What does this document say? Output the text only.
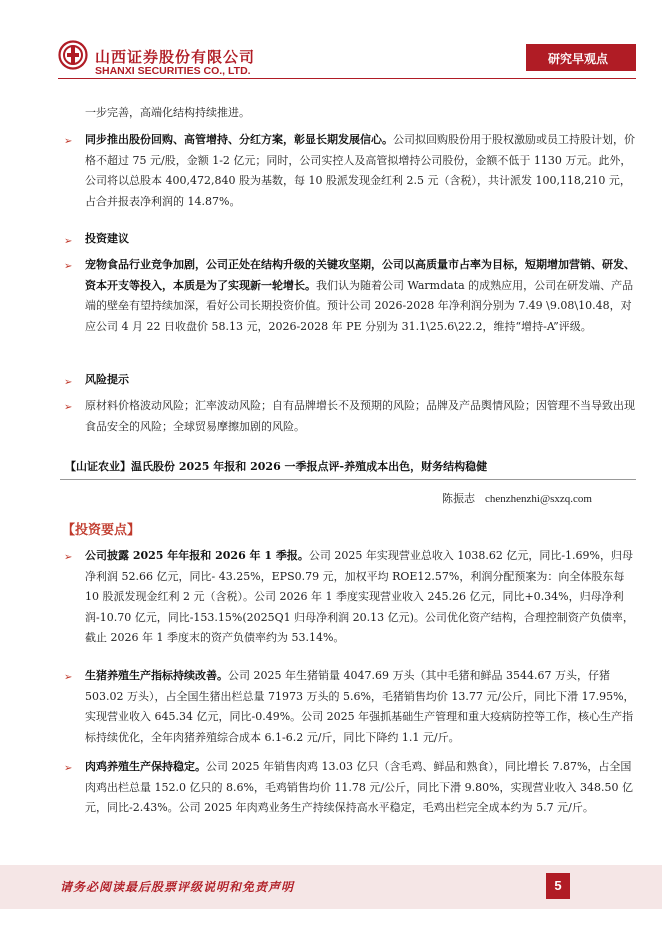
山西证券股份有限公司
SHANXI SECURITIES CO., LTD.
研究早观点
一步完善，高端化结构持续推进。
➢ 同步推出股份回购、高管增持、分红方案，彰显长期发展信心。公司拟回购股份用于股权激励或员工持股计划，价格不超过 75 元/股，金额 1-2 亿元；同时，公司实控人及高管拟增持公司股份，金额不低于 1130 万元。此外，公司将以总股本 400,472,840 股为基数，每 10 股派发现金红利 2.5 元（含税），共计派发 100,118,210 元，占合并报表净利润的 14.87%。
➢ 投资建议
➢ 宠物食品行业竞争加剧，公司正处在结构升级的关键攻坚期，公司以高质量市占率为目标，短期增加营销、研发、资本开支等投入，本质是为了实现新一轮增长。我们认为随着公司 Warmdata 的成熟应用，公司在研发端、产品端的壁垒有望持续加深，看好公司长期投资价值。预计公司 2026-2028 年净利润分别为 7.49 \9.08\10.48，对应公司 4 月 22 日收盘价 58.13 元，2026-2028 年 PE 分别为 31.1\25.6\22.2，维持“增持-A”评级。
➢ 风险提示
➢ 原材料价格波动风险；汇率波动风险；自有品牌增长不及预期的风险；品牌及产品舆情风险；因管理不当导致出现食品安全的风险；全球贸易摩擦加剧的风险。
【山证农业】温氏股份 2025 年报和 2026 一季报点评-养殖成本出色，财务结构稳健
陈振志 chenzhenzhi@sxzq.com
【投资要点】
➢ 公司披露 2025 年年报和 2026 年 1 季报。公司 2025 年实现营业总收入 1038.62 亿元，同比-1.69%，归母净利润 52.66 亿元，同比- 43.25%，EPS0.79 元，加权平均 ROE12.57%，利润分配预案为：向全体股东每 10 股派发现金红利 2 元（含税）。公司 2026 年 1 季度实现营业收入 245.26 亿元，同比+0.34%，归母净利润-10.70 亿元，同比-153.15%(2025Q1 归母净利润 20.13 亿元)。公司优化资产结构，合理控制资产负债率，截止 2026 年 1 季度末的资产负债率约为 53.14%。
➢ 生猪养殖生产指标持续改善。公司 2025 年生猪销量 4047.69 万头（其中毛猪和鲜品 3544.67 万头，仔猪 503.02 万头），占全国生猪出栏总量 71973 万头的 5.6%，毛猪销售均价 13.77 元/公斤，同比下滑 17.95%，实现营业收入 645.34 亿元，同比-0.49%。公司 2025 年强抓基础生产管理和重大疫病防控等工作，核心生产指标持续优化，全年肉猪养殖综合成本 6.1-6.2 元/斤，同比下降约 1.1 元/斤。
➢ 肉鸡养殖生产保持稳定。公司 2025 年销售肉鸡 13.03 亿只（含毛鸡、鲜品和熟食），同比增长 7.87%，占全国肉鸡出栏总量 152.0 亿只的 8.6%，毛鸡销售均价 11.78 元/公斤，同比下滑 9.80%，实现营业收入 348.50 亿元，同比-2.43%。公司 2025 年肉鸡业务生产持续保持高水平稳定，毛鸡出栏完全成本约为 5.7 元/斤。
请务必阅读最后股票评级说明和免责声明	5
